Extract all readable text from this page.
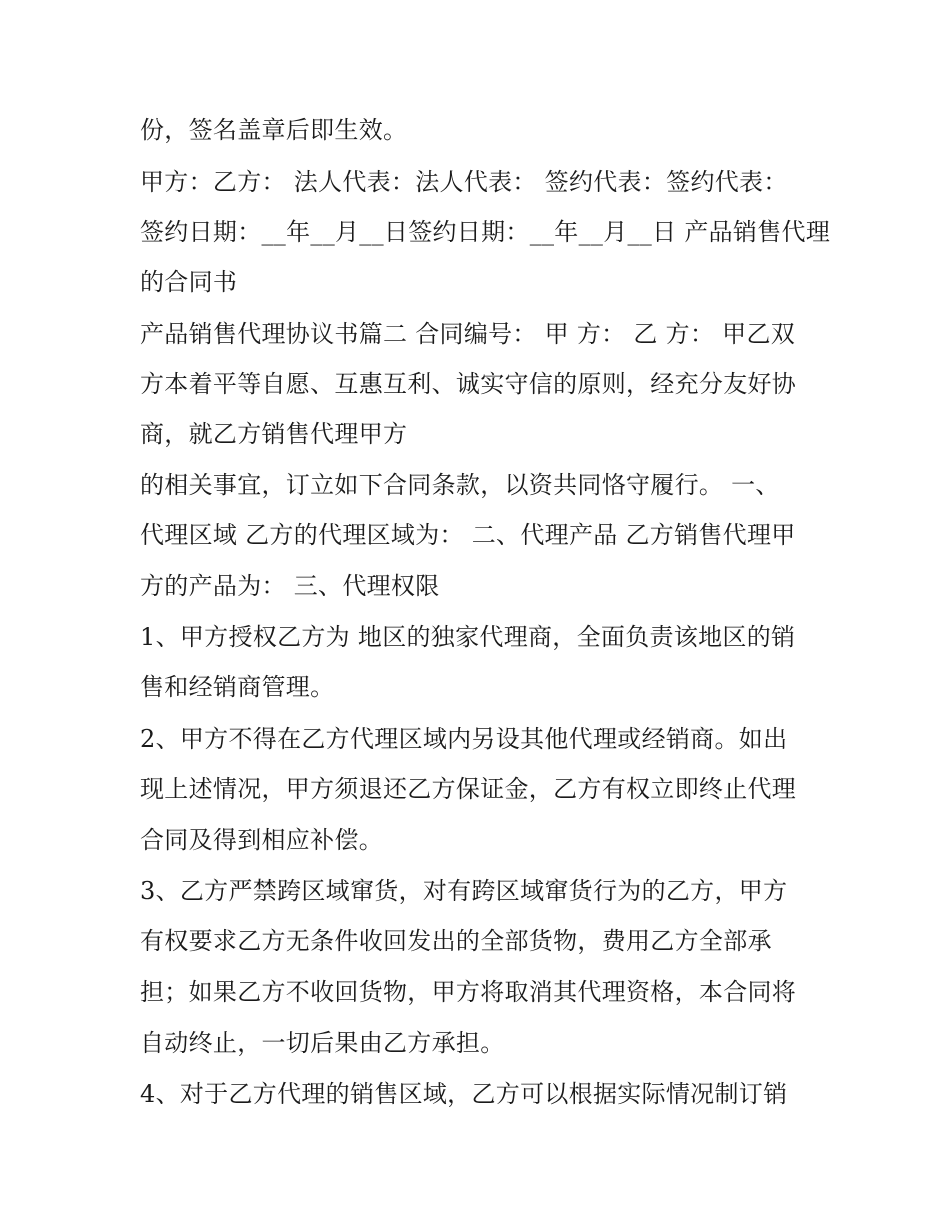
份，签名盖章后即生效。
甲方：乙方： 法人代表：法人代表： 签约代表：签约代表：
签约日期：__年__月__日签约日期：__年__月__日 产品销售代理
的合同书
产品销售代理协议书篇二 合同编号： 甲 方： 乙 方： 甲乙双
方本着平等自愿、互惠互利、诚实守信的原则，经充分友好协
商，就乙方销售代理甲方
的相关事宜，订立如下合同条款，以资共同恪守履行。 一、
代理区域 乙方的代理区域为： 二、代理产品 乙方销售代理甲
方的产品为： 三、代理权限
1、甲方授权乙方为 地区的独家代理商，全面负责该地区的销
售和经销商管理。
2、甲方不得在乙方代理区域内另设其他代理或经销商。如出
现上述情况，甲方须退还乙方保证金，乙方有权立即终止代理
合同及得到相应补偿。
3、乙方严禁跨区域窜货，对有跨区域窜货行为的乙方，甲方
有权要求乙方无条件收回发出的全部货物，费用乙方全部承
担；如果乙方不收回货物，甲方将取消其代理资格，本合同将
自动终止，一切后果由乙方承担。
4、对于乙方代理的销售区域，乙方可以根据实际情况制订销
